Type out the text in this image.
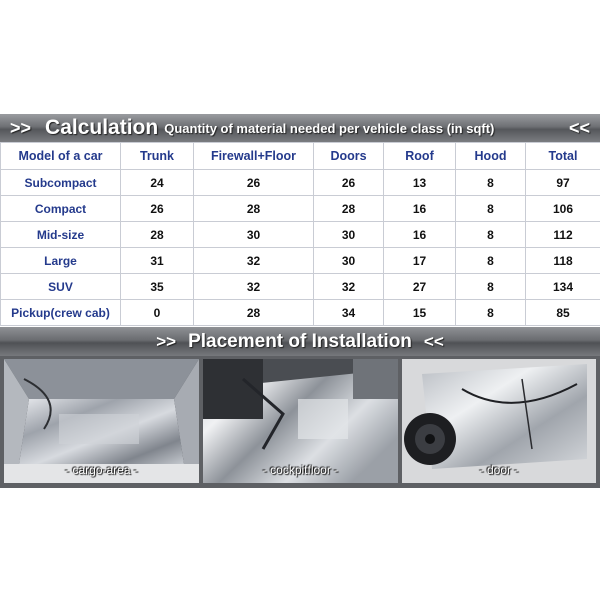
>> Calculation Quantity of material needed per vehicle class (in sqft)	<<
Model of a car	Trunk	Firewall+Floor	Doors	Roof	Hood	Total
Subcompact	24	26	26	13	8	97
Compact	26	28	28	16	8	106
Mid-size	28	30	30	16	8	112
Large	31	32	30	17	8	118
SUV	35	32	32	27	8	134
Pickup(crew cab)	0	28	34	15	8	85
>> Placement of Installation <<
- cargo-area -	- cockpitfloor -	- door -
